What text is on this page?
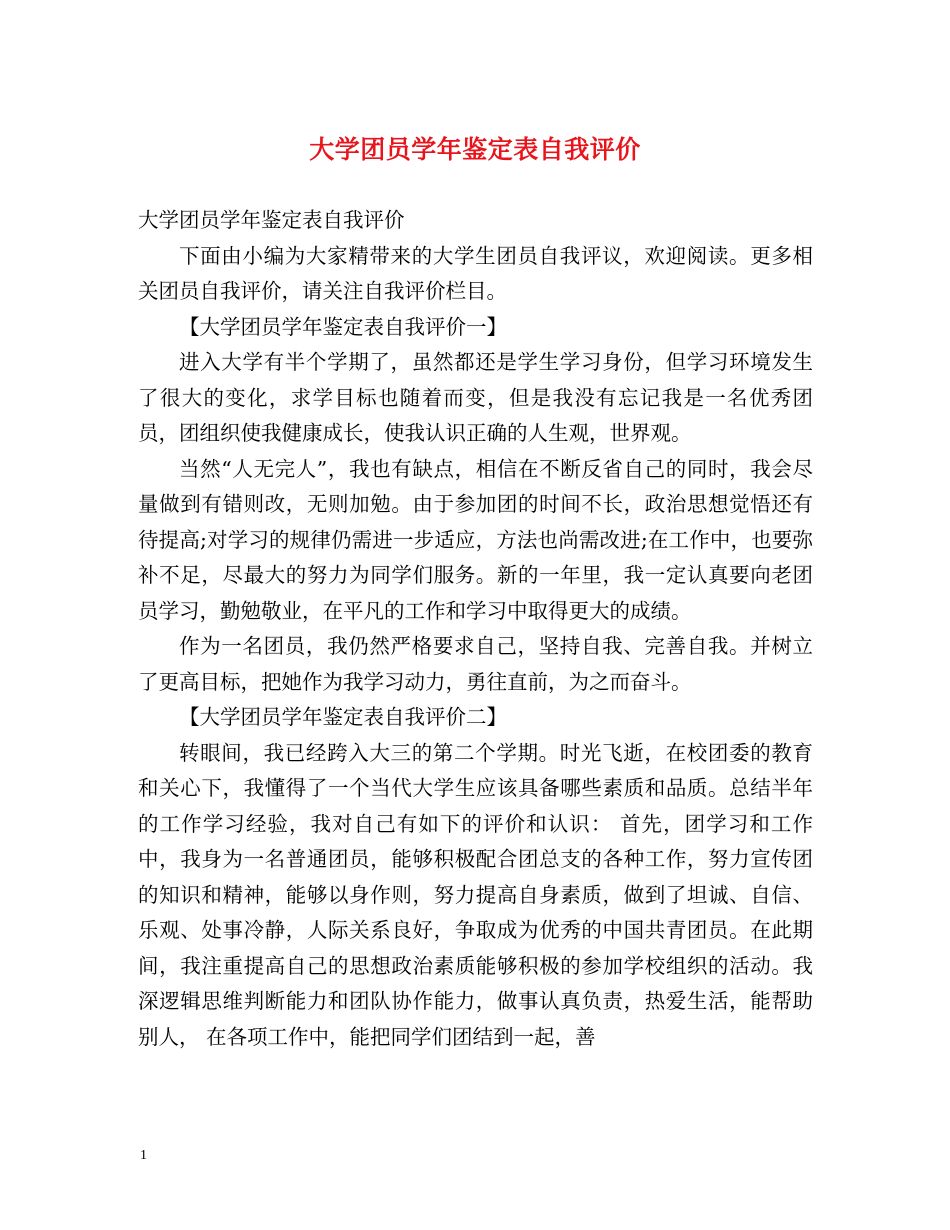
大学团员学年鉴定表自我评价

大学团员学年鉴定表自我评价

下面由小编为大家精带来的大学生团员自我评议，欢迎阅读。更多相关团员自我评价，请关注自我评价栏目。

【大学团员学年鉴定表自我评价一】

进入大学有半个学期了，虽然都还是学生学习身份，但学习环境发生了很大的变化，求学目标也随着而变，但是我没有忘记我是一名优秀团员，团组织使我健康成长，使我认识正确的人生观，世界观。

当然“人无完人”，我也有缺点，相信在不断反省自己的同时，我会尽量做到有错则改，无则加勉。由于参加团的时间不长，政治思想觉悟还有待提高;对学习的规律仍需进一步适应，方法也尚需改进;在工作中，也要弥补不足，尽最大的努力为同学们服务。新的一年里，我一定认真要向老团员学习，勤勉敬业，在平凡的工作和学习中取得更大的成绩。

作为一名团员，我仍然严格要求自己，坚持自我、完善自我。并树立了更高目标，把她作为我学习动力，勇往直前，为之而奋斗。

【大学团员学年鉴定表自我评价二】

转眼间，我已经跨入大三的第二个学期。时光飞逝，在校团委的教育和关心下，我懂得了一个当代大学生应该具备哪些素质和品质。总结半年的工作学习经验，我对自己有如下的评价和认识： 首先，团学习和工作中，我身为一名普通团员，能够积极配合团总支的各种工作，努力宣传团的知识和精神，能够以身作则，努力提高自身素质，做到了坦诚、自信、乐观、处事冷静，人际关系良好，争取成为优秀的中国共青团员。在此期间，我注重提高自己的思想政治素质能够积极的参加学校组织的活动。我深逻辑思维判断能力和团队协作能力，做事认真负责，热爱生活，能帮助别人， 在各项工作中，能把同学们团结到一起，善

1
